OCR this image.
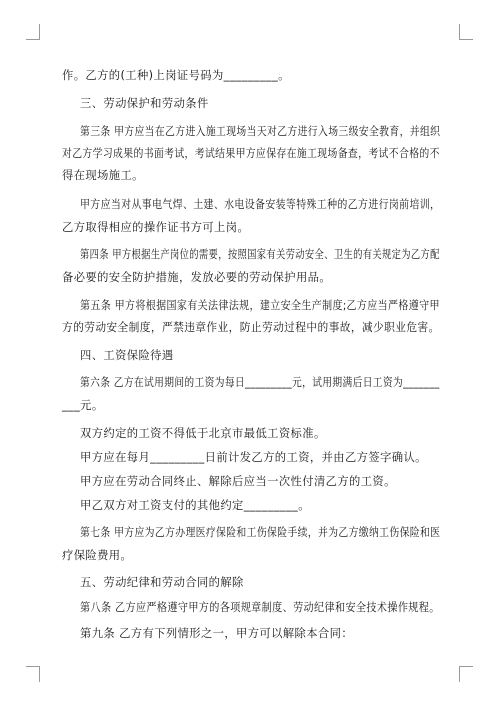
作。乙方的(工种)上岗证号码为_________。
三、劳动保护和劳动条件
第三条 甲方应当在乙方进入施工现场当天对乙方进行入场三级安全教育，并组织
对乙方学习成果的书面考试，考试结果甲方应保存在施工现场备查，考试不合格的不
得在现场施工。
甲方应当对从事电气焊、土建、水电设备安装等特殊工种的乙方进行岗前培训，
乙方取得相应的操作证书方可上岗。
第四条 甲方根据生产岗位的需要，按照国家有关劳动安全、卫生的有关规定为乙方配
备必要的安全防护措施，发放必要的劳动保护用品。
第五条 甲方将根据国家有关法律法规，建立安全生产制度;乙方应当严格遵守甲
方的劳动安全制度，严禁违章作业，防止劳动过程中的事故，减少职业危害。
四、工资保险待遇
第六条 乙方在试用期间的工资为每日_________元，试用期满后日工资为_______
___元。
双方约定的工资不得低于北京市最低工资标准。
甲方应在每月_________日前计发乙方的工资，并由乙方签字确认。
甲方应在劳动合同终止、解除后应当一次性付清乙方的工资。
甲乙双方对工资支付的其他约定_________。
第七条 甲方应为乙方办理医疗保险和工伤保险手续，并为乙方缴纳工伤保险和医
疗保险费用。
五、劳动纪律和劳动合同的解除
第八条 乙方应严格遵守甲方的各项规章制度、劳动纪律和安全技术操作规程。
第九条 乙方有下列情形之一，甲方可以解除本合同：
